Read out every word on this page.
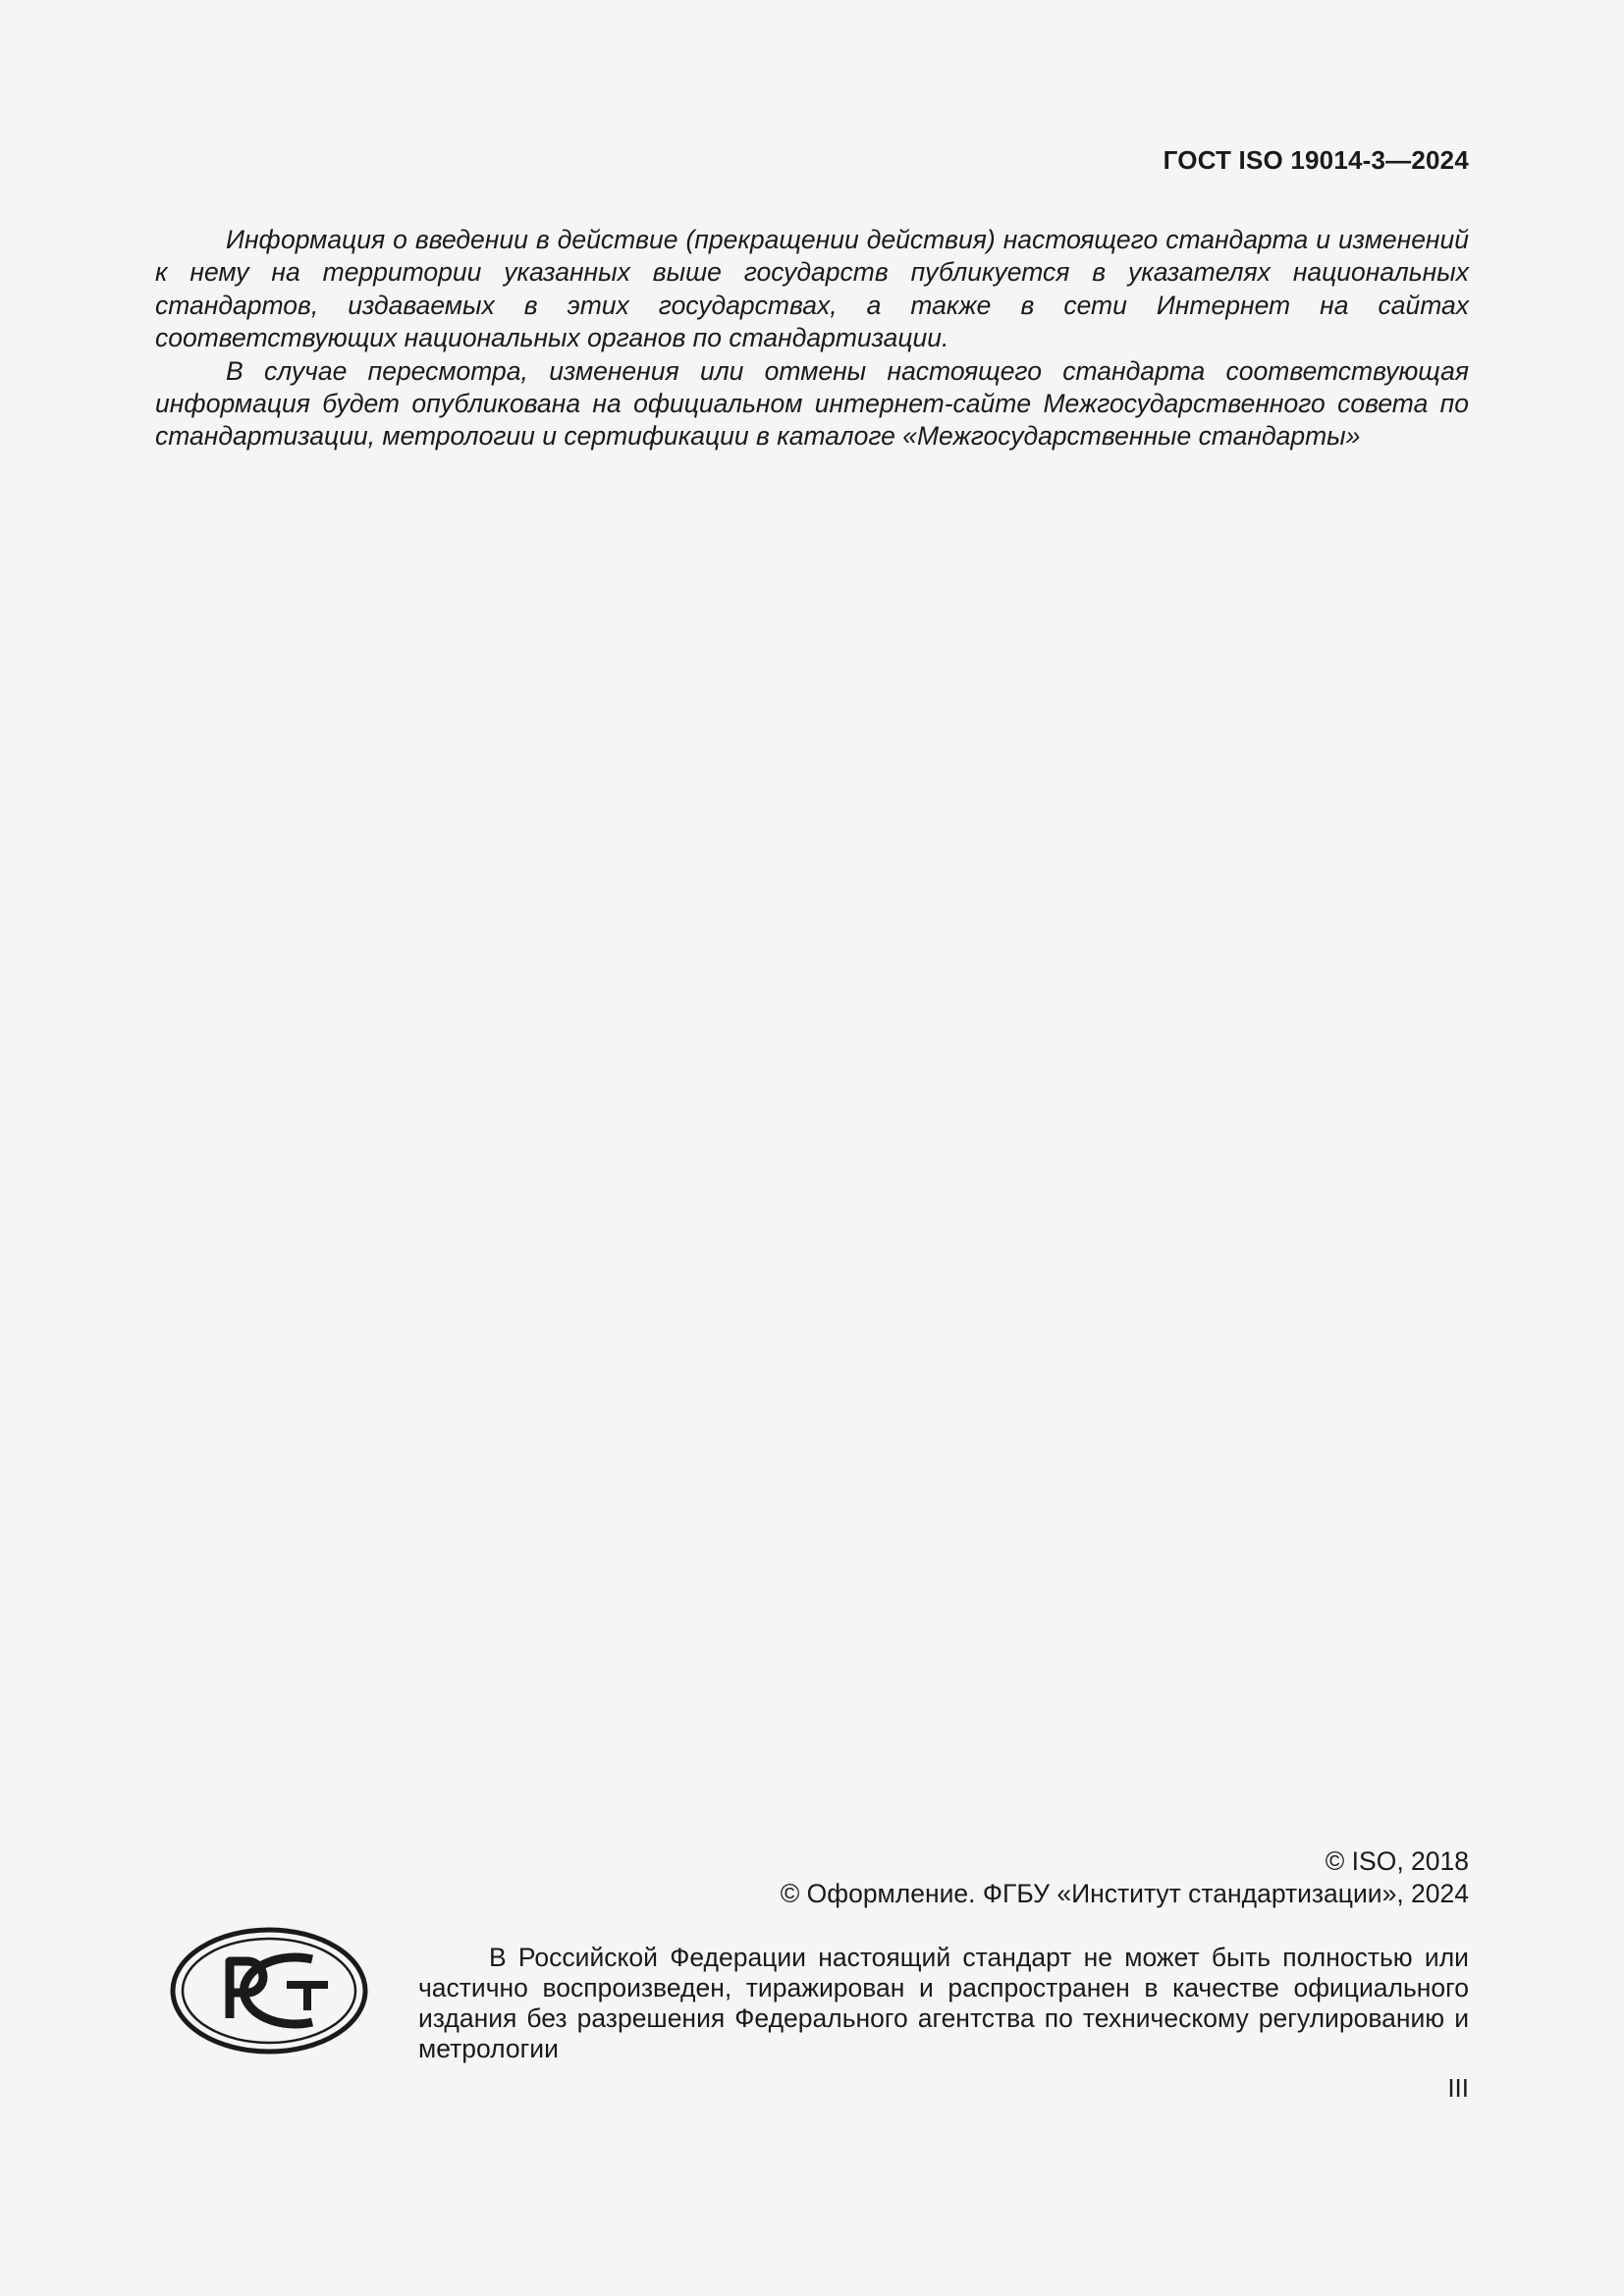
ГОСТ ISO 19014-3—2024

Информация о введении в действие (прекращении действия) настоящего стандарта и изменений к нему на территории указанных выше государств публикуется в указателях национальных стандартов, издаваемых в этих государствах, а также в сети Интернет на сайтах соответствующих национальных органов по стандартизации.

В случае пересмотра, изменения или отмены настоящего стандарта соответствующая информация будет опубликована на официальном интернет-сайте Межгосударственного совета по стандартизации, метрологии и сертификации в каталоге «Межгосударственные стандарты»

© ISO, 2018
© Оформление. ФГБУ «Институт стандартизации», 2024
В Российской Федерации настоящий стандарт не может быть полностью или частично воспроизведен, тиражирован и распространен в качестве официального издания без разрешения Федерального агентства по техническому регулированию и метрологии
III
